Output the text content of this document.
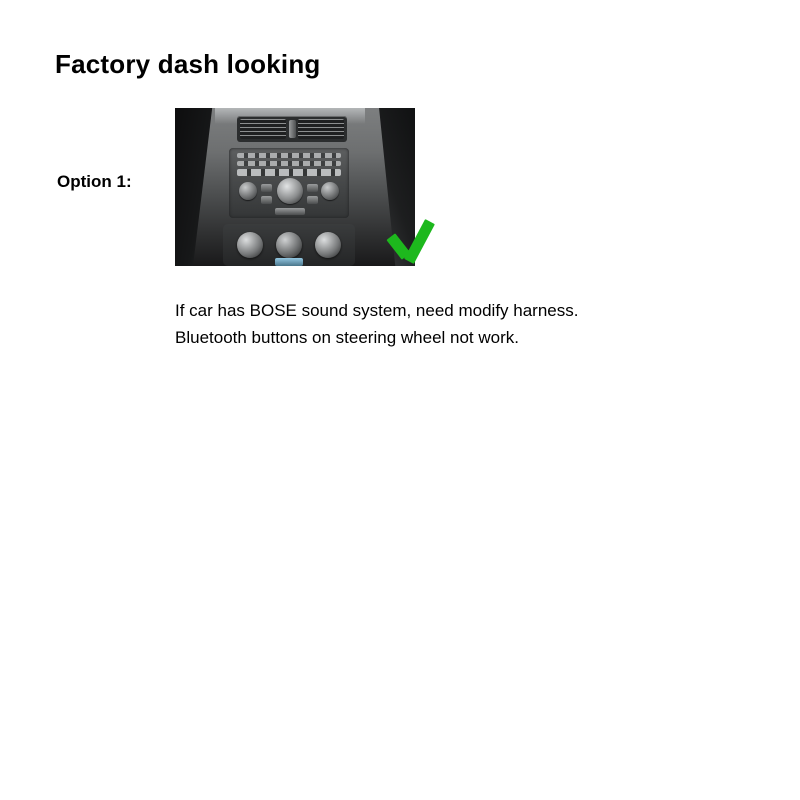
Factory dash looking
Option 1:
If car has BOSE sound system, need modify harness.
Bluetooth buttons on steering wheel not work.
